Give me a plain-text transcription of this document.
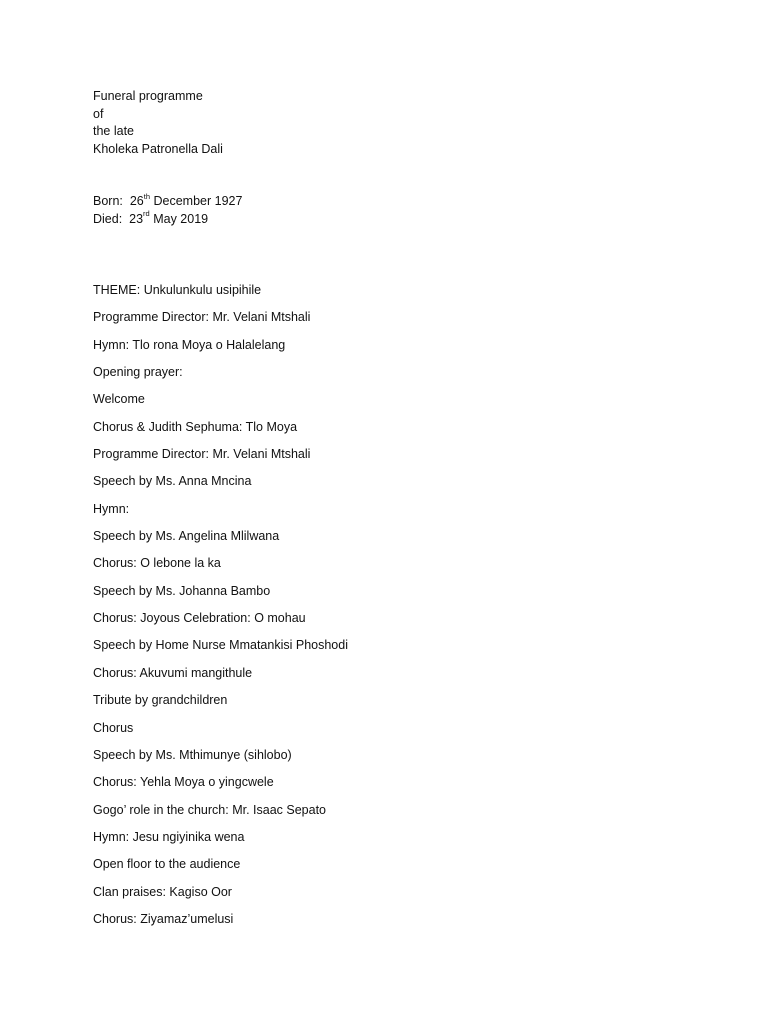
Funeral programme
of
the late
Kholeka Patronella Dali
Born: 26th December 1927
Died: 23rd May 2019
THEME: Unkulunkulu usipihile
Programme Director: Mr. Velani Mtshali
Hymn: Tlo rona Moya o Halalelang
Opening prayer:
Welcome
Chorus & Judith Sephuma: Tlo Moya
Programme Director: Mr. Velani Mtshali
Speech by Ms. Anna Mncina
Hymn:
Speech by Ms. Angelina Mlilwana
Chorus: O lebone la ka
Speech by Ms. Johanna Bambo
Chorus: Joyous Celebration: O mohau
Speech by Home Nurse Mmatankisi Phoshodi
Chorus: Akuvumi mangithule
Tribute by grandchildren
Chorus
Speech by Ms. Mthimunye (sihlobo)
Chorus: Yehla Moya o yingcwele
Gogo’ role in the church: Mr. Isaac Sepato
Hymn: Jesu ngiyinika wena
Open floor to the audience
Clan praises: Kagiso Oor
Chorus: Ziyamaz’umelusi
